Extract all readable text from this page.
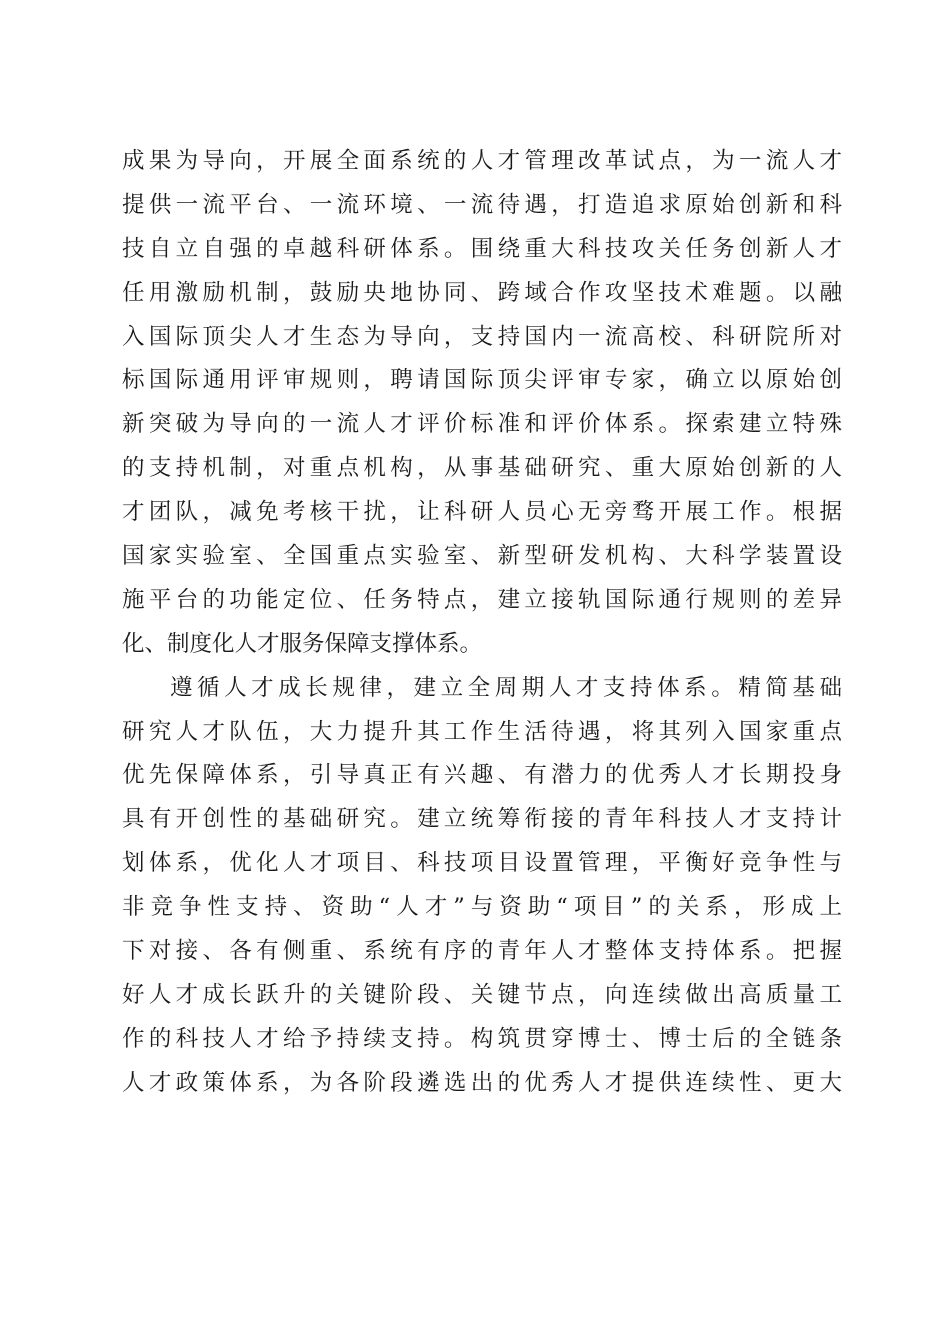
成果为导向，开展全面系统的人才管理改革试点，为一流人才
提供一流平台、一流环境、一流待遇，打造追求原始创新和科
技自立自强的卓越科研体系。围绕重大科技攻关任务创新人才
任用激励机制，鼓励央地协同、跨域合作攻坚技术难题。以融
入国际顶尖人才生态为导向，支持国内一流高校、科研院所对
标国际通用评审规则，聘请国际顶尖评审专家，确立以原始创
新突破为导向的一流人才评价标准和评价体系。探索建立特殊
的支持机制，对重点机构，从事基础研究、重大原始创新的人
才团队，减免考核干扰，让科研人员心无旁骛开展工作。根据
国家实验室、全国重点实验室、新型研发机构、大科学装置设
施平台的功能定位、任务特点，建立接轨国际通行规则的差异
化、制度化人才服务保障支撑体系。
遵循人才成长规律，建立全周期人才支持体系。精简基础
研究人才队伍，大力提升其工作生活待遇，将其列入国家重点
优先保障体系，引导真正有兴趣、有潜力的优秀人才长期投身
具有开创性的基础研究。建立统筹衔接的青年科技人才支持计
划体系，优化人才项目、科技项目设置管理，平衡好竞争性与
非竞争性支持、资助“人才”与资助“项目”的关系，形成上
下对接、各有侧重、系统有序的青年人才整体支持体系。把握
好人才成长跃升的关键阶段、关键节点，向连续做出高质量工
作的科技人才给予持续支持。构筑贯穿博士、博士后的全链条
人才政策体系，为各阶段遴选出的优秀人才提供连续性、更大
